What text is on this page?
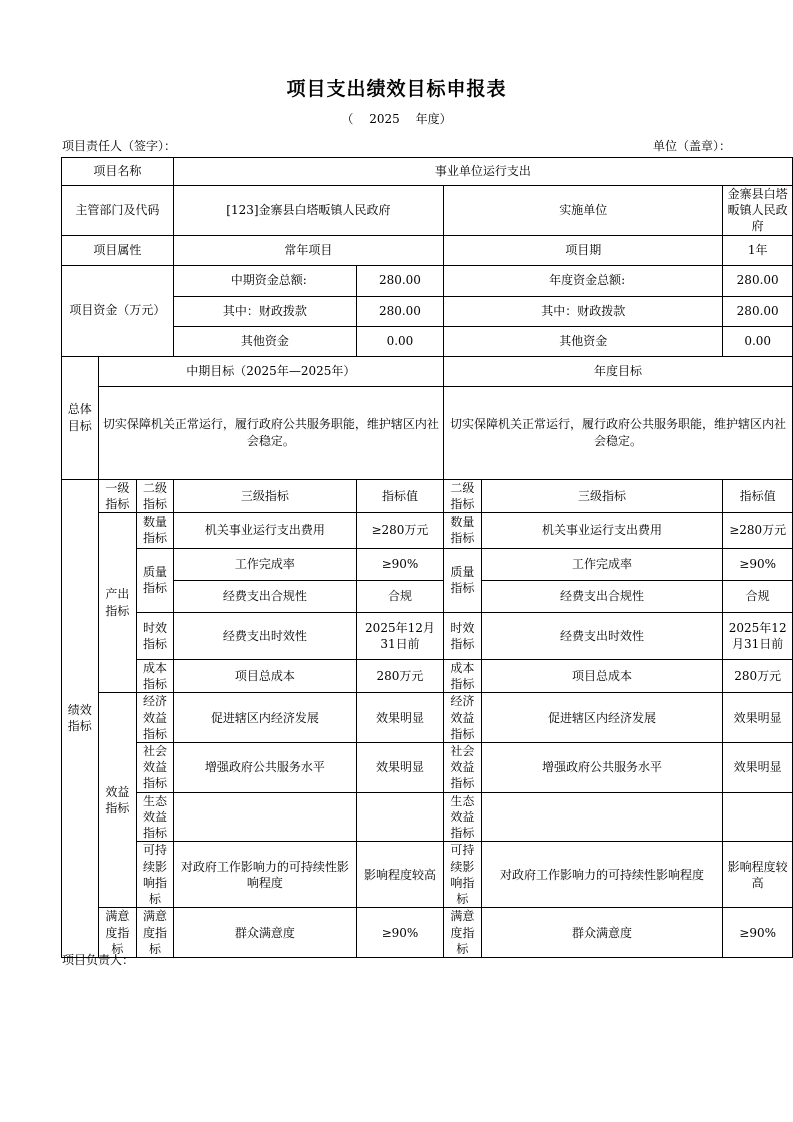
项目支出绩效目标申报表
（ 2025 年度）
项目责任人（签字）：	单位（盖章）：
项目名称			事业单位运行支出				
主管部门及代码			[123]金寨县白塔畈镇人民政府		实施单位		金寨县白塔畈镇人民政府
项目属性			常年项目		项目期		1年
项目资金（万元）			中期资金总额:	280.00	年度资金总额:		280.00
			其中：财政拨款	280.00	其中：财政拨款		280.00
			其他资金	0.00	其他资金		0.00
总体目标	中期目标（2025年—2025年）				年度目标		
	切实保障机关正常运行，履行政府公共服务职能，维护辖区内社会稳定。				切实保障机关正常运行，履行政府公共服务职能，维护辖区内社会稳定。		
绩效指标	一级指标	二级指标	三级指标	指标值	二级指标	三级指标	指标值
	产出指标	数量指标	机关事业运行支出费用	≥280万元	数量指标	机关事业运行支出费用	≥280万元
		质量指标	工作完成率	≥90%	质量指标	工作完成率	≥90%
			经费支出合规性	合规		经费支出合规性	合规
		时效指标	经费支出时效性	2025年12月31日前	时效指标	经费支出时效性	2025年12月31日前
		成本指标	项目总成本	280万元	成本指标	项目总成本	280万元

	效益指标	经济效益指标	促进辖区内经济发展	效果明显	经济效益指标	促进辖区内经济发展	效果明显
		社会效益指标	增强政府公共服务水平	效果明显	社会效益指标	增强政府公共服务水平	效果明显
		生态效益指标			生态效益指标		
		可持续影响指标	对政府工作影响力的可持续性影响程度	影响程度较高	可持续影响指标	对政府工作影响力的可持续性影响程度	影响程度较高
	满意度指标	满意度指标	群众满意度	≥90%	满意度指标	群众满意度	≥90%
项目负责人：
